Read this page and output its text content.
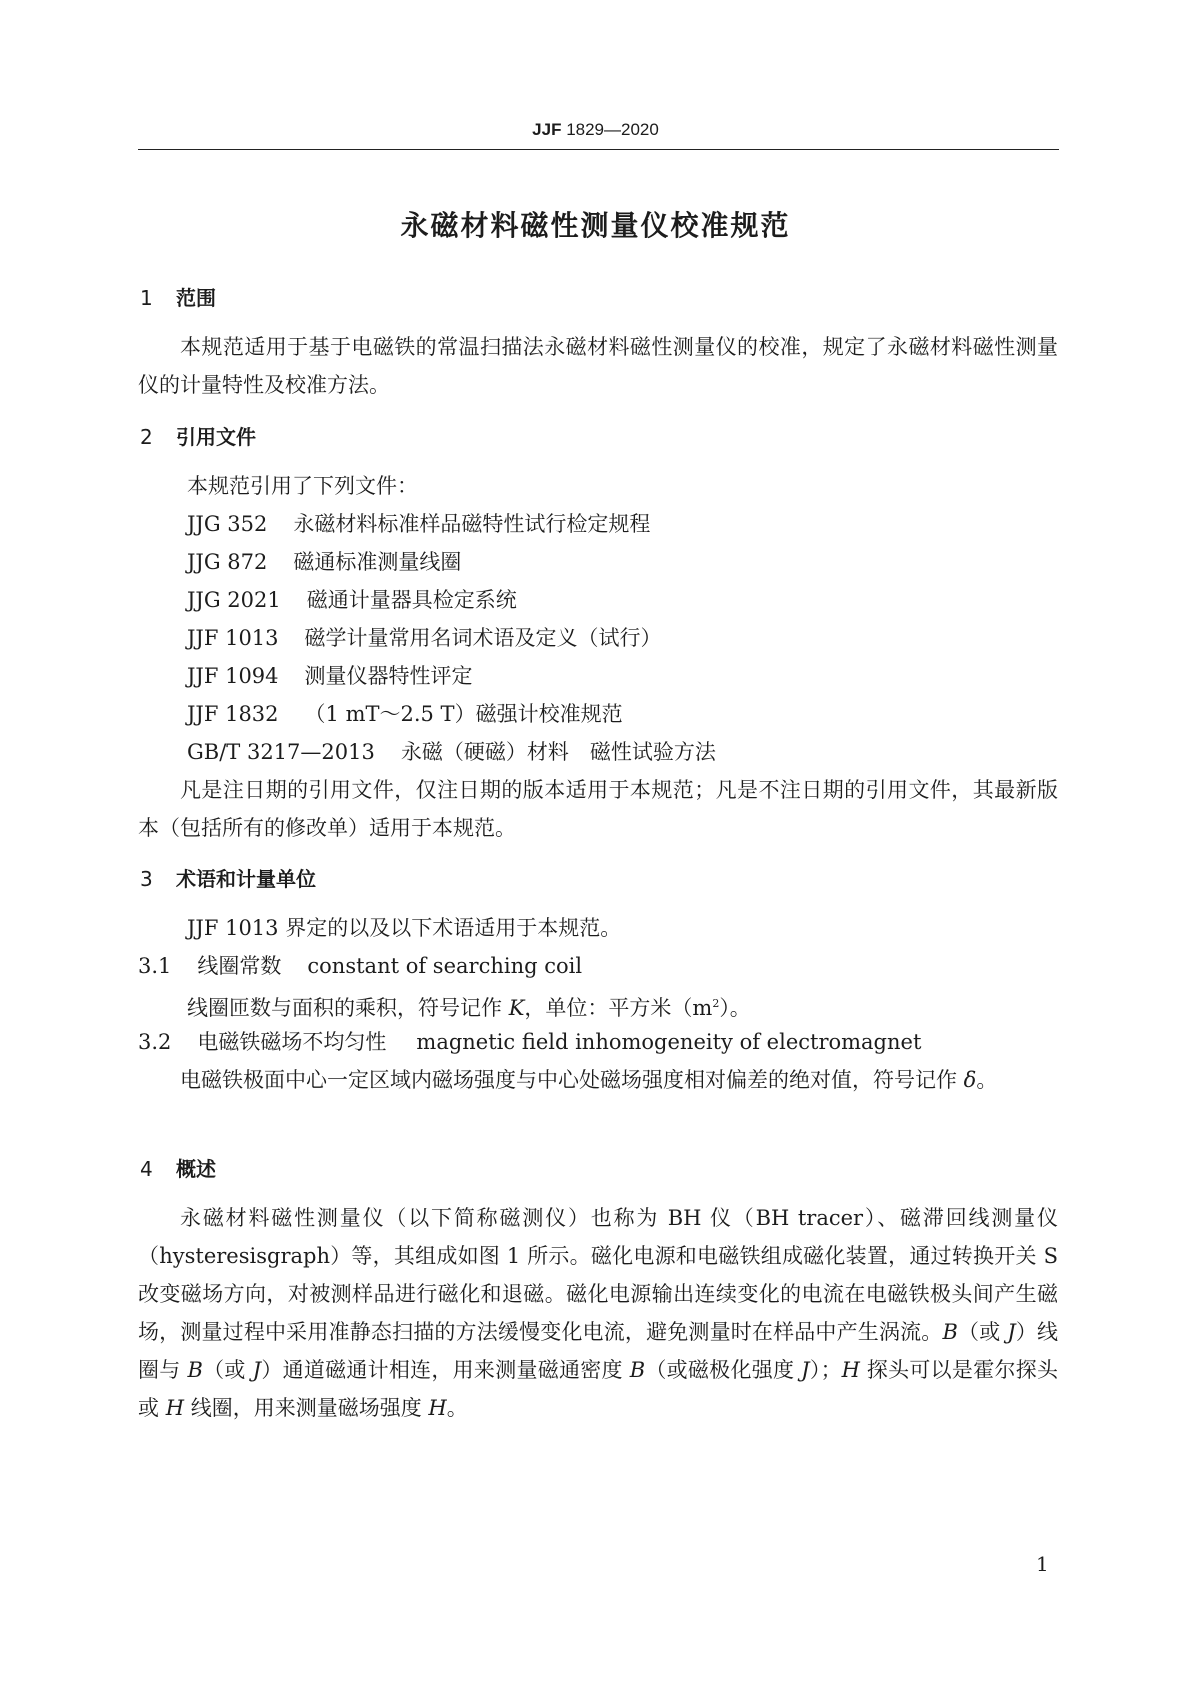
JJF 1829—2020
永磁材料磁性测量仪校准规范
1 范围
本规范适用于基于电磁铁的常温扫描法永磁材料磁性测量仪的校准，规定了永磁材料磁性测量仪的计量特性及校准方法。
2 引用文件
本规范引用了下列文件：
JJG 352 永磁材料标准样品磁特性试行检定规程
JJG 872 磁通标准测量线圈
JJG 2021 磁通计量器具检定系统
JJF 1013 磁学计量常用名词术语及定义（试行）
JJF 1094 测量仪器特性评定
JJF 1832 （1 mT～2.5 T）磁强计校准规范
GB/T 3217—2013 永磁（硬磁）材料　磁性试验方法
凡是注日期的引用文件，仅注日期的版本适用于本规范；凡是不注日期的引用文件，其最新版本（包括所有的修改单）适用于本规范。
3 术语和计量单位
JJF 1013 界定的以及以下术语适用于本规范。
3.1 线圈常数 constant of searching coil
线圈匝数与面积的乘积，符号记作 K，单位：平方米$(m^2)$。
3.2 电磁铁磁场不均匀性 magnetic field inhomogeneity of electromagnet
电磁铁极面中心一定区域内磁场强度与中心处磁场强度相对偏差的绝对值，符号记作 δ。
4 概述
永磁材料磁性测量仪（以下简称磁测仪）也称为 BH 仪（BH tracer）、磁滞回线测量仪（hysteresisgraph）等，其组成如图 1 所示。磁化电源和电磁铁组成磁化装置，通过转换开关 S 改变磁场方向，对被测样品进行磁化和退磁。磁化电源输出连续变化的电流在电磁铁极头间产生磁场，测量过程中采用准静态扫描的方法缓慢变化电流，避免测量时在样品中产生涡流。B（或 J）线圈与 B（或 J）通道磁通计相连，用来测量磁通密度 B（或磁极化强度 J）；H 探头可以是霍尔探头或 H 线圈，用来测量磁场强度 H。
1
